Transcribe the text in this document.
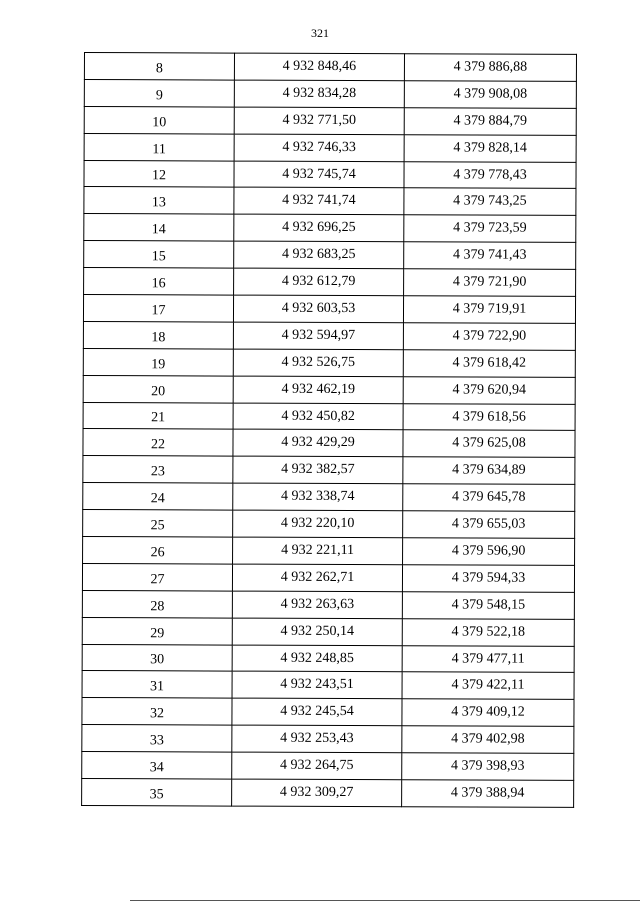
321
8	4 932 848,46	4 379 886,88
9	4 932 834,28	4 379 908,08
10	4 932 771,50	4 379 884,79
11	4 932 746,33	4 379 828,14
12	4 932 745,74	4 379 778,43
13	4 932 741,74	4 379 743,25
14	4 932 696,25	4 379 723,59
15	4 932 683,25	4 379 741,43
16	4 932 612,79	4 379 721,90
17	4 932 603,53	4 379 719,91
18	4 932 594,97	4 379 722,90
19	4 932 526,75	4 379 618,42
20	4 932 462,19	4 379 620,94
21	4 932 450,82	4 379 618,56
22	4 932 429,29	4 379 625,08
23	4 932 382,57	4 379 634,89
24	4 932 338,74	4 379 645,78
25	4 932 220,10	4 379 655,03
26	4 932 221,11	4 379 596,90
27	4 932 262,71	4 379 594,33
28	4 932 263,63	4 379 548,15
29	4 932 250,14	4 379 522,18
30	4 932 248,85	4 379 477,11
31	4 932 243,51	4 379 422,11
32	4 932 245,54	4 379 409,12
33	4 932 253,43	4 379 402,98
34	4 932 264,75	4 379 398,93
35	4 932 309,27	4 379 388,94
